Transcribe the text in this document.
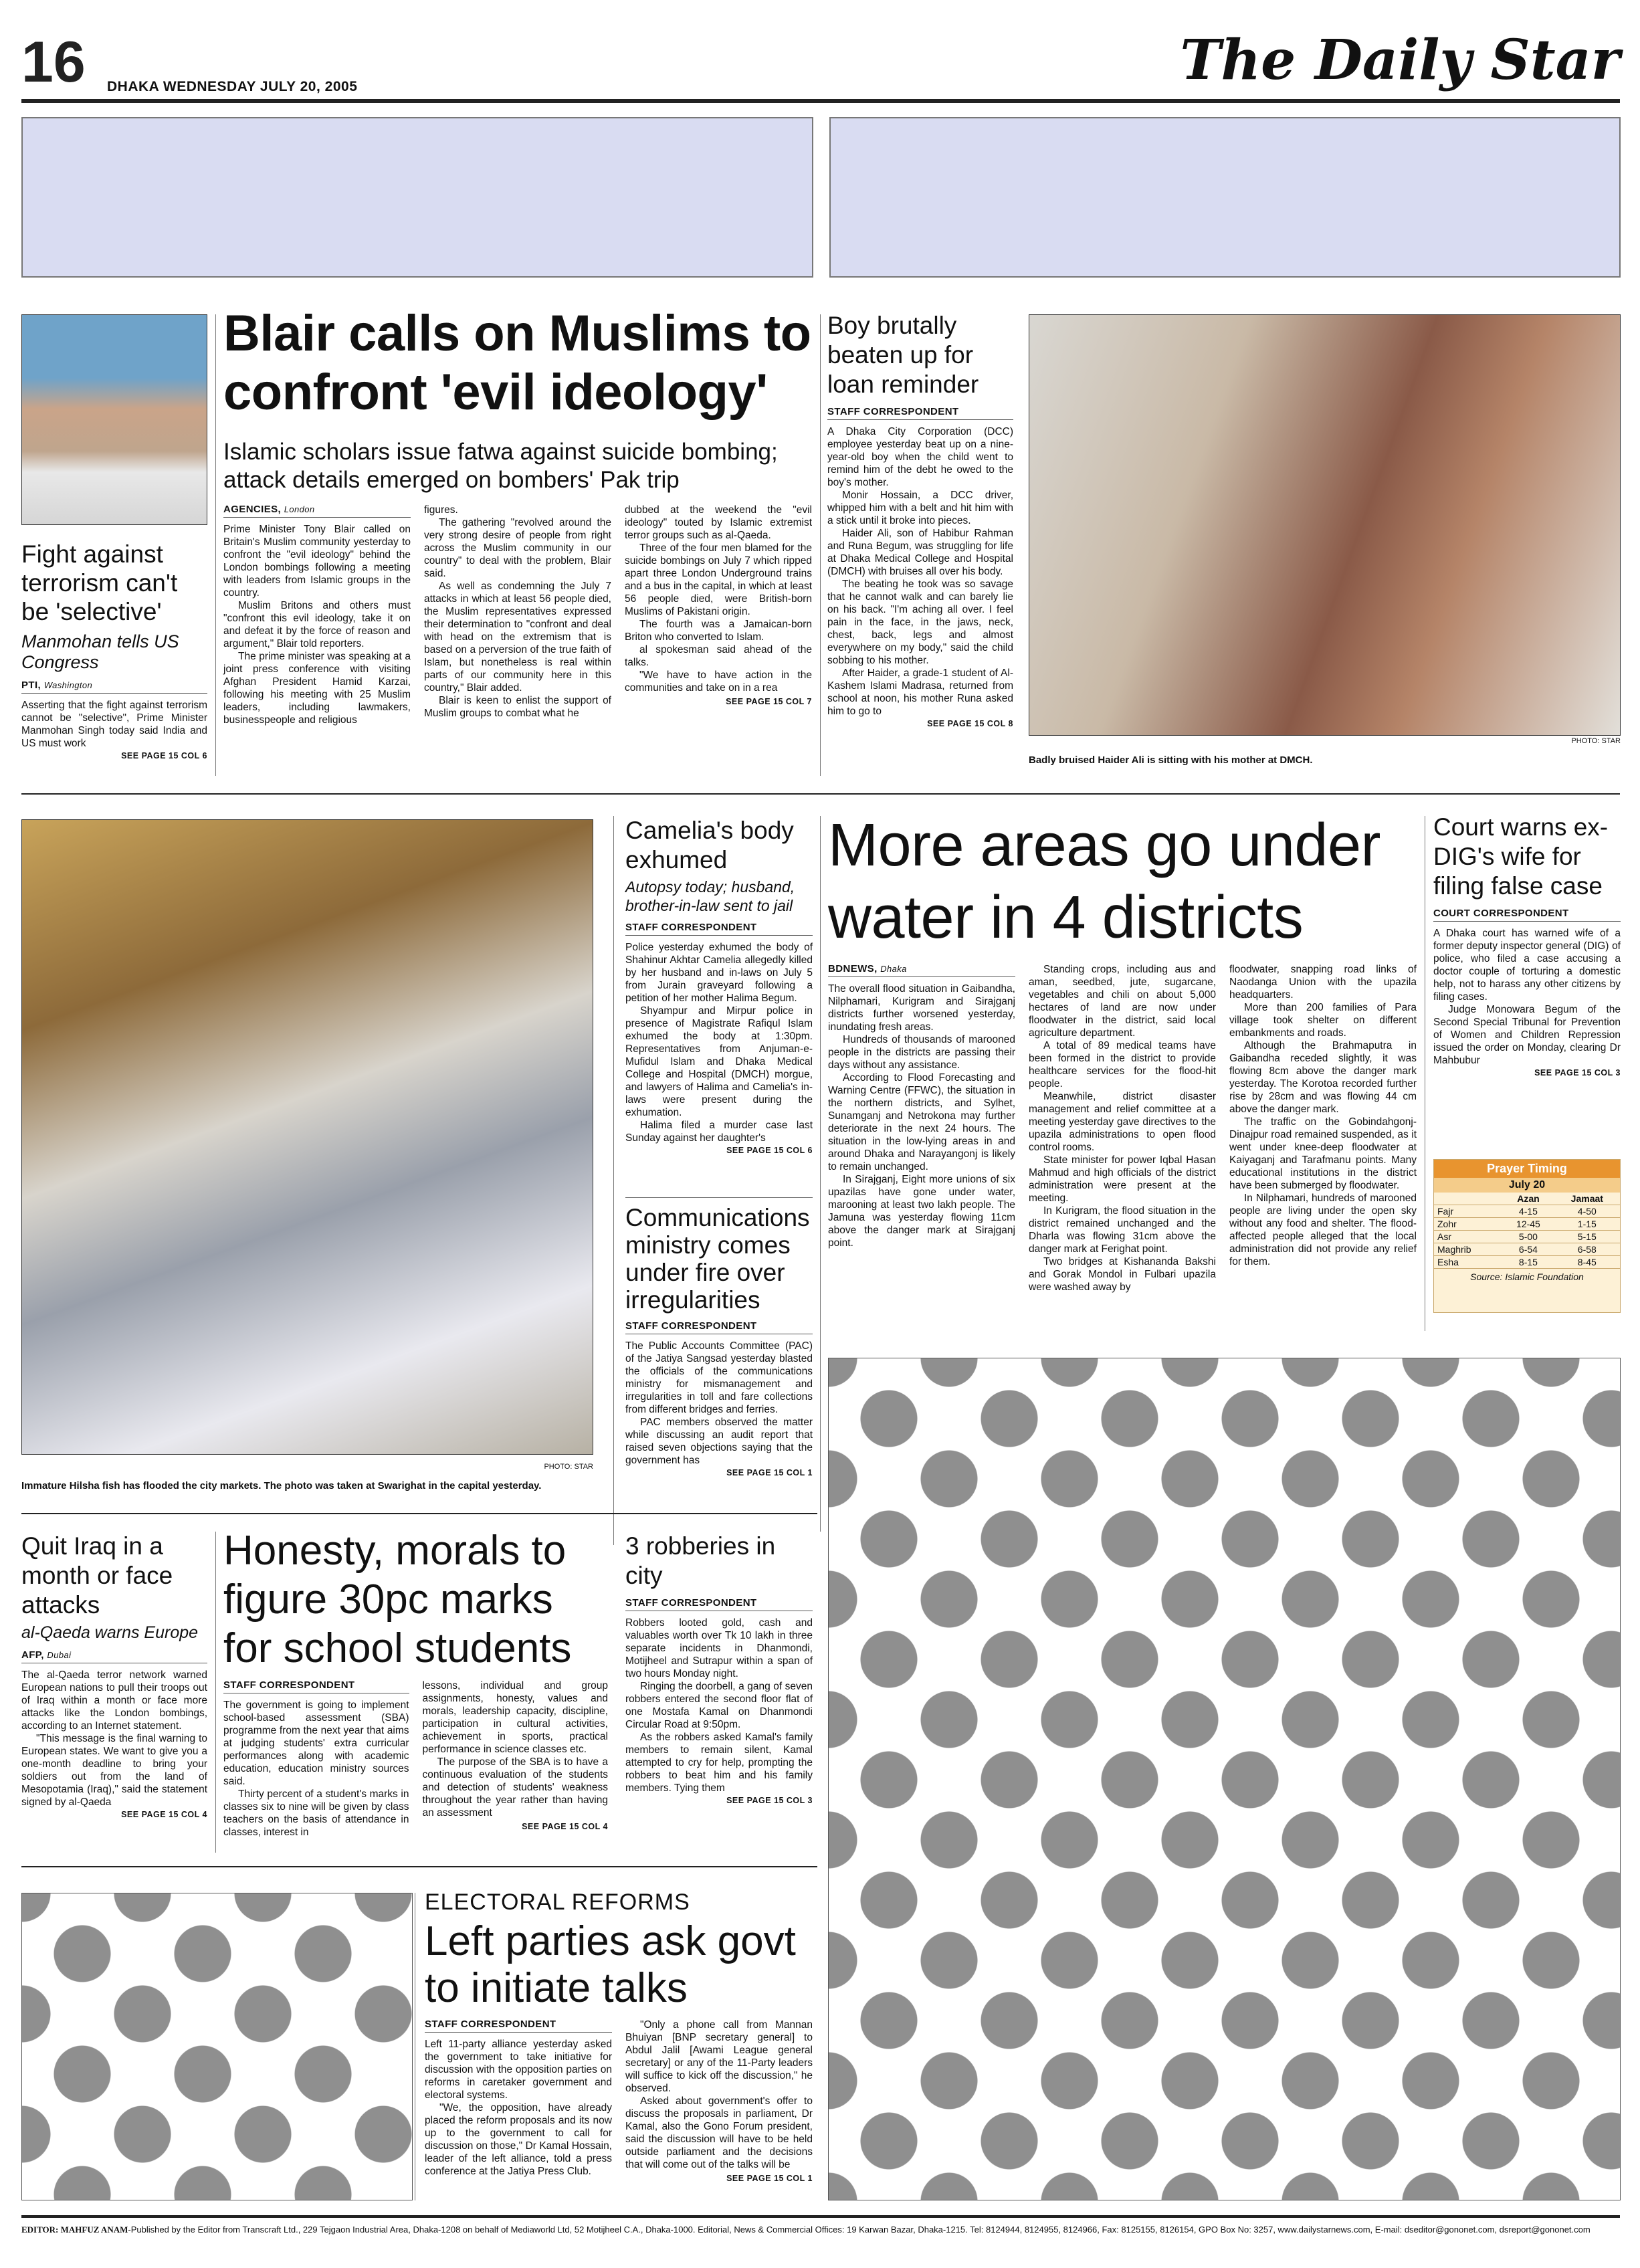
16 DHAKA WEDNESDAY JULY 20, 2005	The Daily Star
Fight against terrorism can't be 'selective'
Manmohan tells US Congress
PTI, Washington
Asserting that the fight against terrorism cannot be "selective", Prime Minister Manmohan Singh today said India and US must work
SEE PAGE 15 COL 6
Blair calls on Muslims to confront 'evil ideology'
Islamic scholars issue fatwa against suicide bombing; attack details emerged on bombers' Pak trip
AGENCIES, London

Prime Minister Tony Blair called on Britain's Muslim community yesterday to confront the "evil ideology" behind the London bombings following a meeting with leaders from Islamic groups in the country.

Muslim Britons and others must "confront this evil ideology, take it on and defeat it by the force of reason and argument," Blair told reporters.

The prime minister was speaking at a joint press conference with visiting Afghan President Hamid Karzai, following his meeting with 25 Muslim leaders, including lawmakers, businesspeople and religious

figures.

The gathering "revolved around the very strong desire of people from right across the Muslim community in our country" to deal with the problem, Blair said.

As well as condemning the July 7 attacks in which at least 56 people died, the Muslim representatives expressed their determination to "confront and deal with head on the extremism that is based on a perversion of the true faith of Islam, but nonetheless is real within parts of our community here in this country," Blair added.

Blair is keen to enlist the support of Muslim groups to combat what he

dubbed at the weekend the "evil ideology" touted by Islamic extremist terror groups such as al-Qaeda.

Three of the four men blamed for the suicide bombings on July 7 which ripped apart three London Underground trains and a bus in the capital, in which at least 56 people died, were British-born Muslims of Pakistani origin.

The fourth was a Jamaican-born Briton who converted to Islam.

al spokesman said ahead of the talks.

"We have to have action in the communities and take on in a rea

SEE PAGE 15 COL 7
Boy brutally beaten up for loan reminder
STAFF CORRESPONDENT

A Dhaka City Corporation (DCC) employee yesterday beat up on a nine-year-old boy when the child went to remind him of the debt he owed to the boy's mother.

Monir Hossain, a DCC driver, whipped him with a belt and hit him with a stick until it broke into pieces.

Haider Ali, son of Habibur Rahman and Runa Begum, was struggling for life at Dhaka Medical College and Hospital (DMCH) with bruises all over his body.

The beating he took was so savage that he cannot walk and can barely lie on his back. "I'm aching all over. I feel pain in the face, in the jaws, neck, chest, back, legs and almost everywhere on my body," said the child sobbing to his mother.

After Haider, a grade-1 student of Al-Kashem Islami Madrasa, returned from school at noon, his mother Runa asked him to go to

SEE PAGE 15 COL 8
PHOTO: STAR
Badly bruised Haider Ali is sitting with his mother at DMCH.
PHOTO: STAR
Immature Hilsha fish has flooded the city markets. The photo was taken at Swarighat in the capital yesterday.
Camelia's body exhumed
Autopsy today; husband, brother-in-law sent to jail
STAFF CORRESPONDENT

Police yesterday exhumed the body of Shahinur Akhtar Camelia allegedly killed by her husband and in-laws on July 5 from Jurain graveyard following a petition of her mother Halima Begum.

Shyampur and Mirpur police in presence of Magistrate Rafiqul Islam exhumed the body at 1:30pm. Representatives from Anjuman-e-Mufidul Islam and Dhaka Medical College and Hospital (DMCH) morgue, and lawyers of Halima and Camelia's in-laws were present during the exhumation.

Halima filed a murder case last Sunday against her daughter's

SEE PAGE 15 COL 6
Communications ministry comes under fire over irregularities
STAFF CORRESPONDENT

The Public Accounts Committee (PAC) of the Jatiya Sangsad yesterday blasted the officials of the communications ministry for mismanagement and irregularities in toll and fare collections from different bridges and ferries.

PAC members observed the matter while discussing an audit report that raised seven objections saying that the government has

SEE PAGE 15 COL 1
More areas go under water in 4 districts
BDNEWS, Dhaka

The overall flood situation in Gaibandha, Nilphamari, Kurigram and Sirajganj districts further worsened yesterday, inundating fresh areas.

Hundreds of thousands of marooned people in the districts are passing their days without any assistance.

According to Flood Forecasting and Warning Centre (FFWC), the situation in the northern districts, and Sylhet, Sunamganj and Netrokona may further deteriorate in the next 24 hours. The situation in the low-lying areas in and around Dhaka and Narayangonj is likely to remain unchanged.

In Sirajganj, Eight more unions of six upazilas have gone under water, marooning at least two lakh people. The Jamuna was yesterday flowing 11cm above the danger mark at Sirajganj point.

Standing crops, including aus and aman, seedbed, jute, sugarcane, vegetables and chili on about 5,000 hectares of land are now under floodwater in the district, said local agriculture department.

A total of 89 medical teams have been formed in the district to provide healthcare services for the flood-hit people.

Meanwhile, district disaster management and relief committee at a meeting yesterday gave directives to the upazila administrations to open flood control rooms.

State minister for power Iqbal Hasan Mahmud and high officials of the district administration were present at the meeting.

In Kurigram, the flood situation in the district remained unchanged and the Dharla was flowing 31cm above the danger mark at Ferighat point.

Two bridges at Kishananda Bakshi and Gorak Mondol in Fulbari upazila were washed away by

floodwater, snapping road links of Naodanga Union with the upazila headquarters.

More than 200 families of Para village took shelter on different embankments and roads.

Although the Brahmaputra in Gaibandha receded slightly, it was flowing 8cm above the danger mark yesterday. The Korotoa recorded further rise by 28cm and was flowing 44 cm above the danger mark.

The traffic on the Gobindahgonj-Dinajpur road remained suspended, as it went under knee-deep floodwater at Kaiyaganj and Tarafmanu points. Many educational institutions in the district have been submerged by floodwater.

In Nilphamari, hundreds of marooned people are living under the open sky without any food and shelter. The flood-affected people alleged that the local administration did not provide any relief for them.

Court warns ex-DIG's wife for filing false case
COURT CORRESPONDENT

A Dhaka court has warned wife of a former deputy inspector general (DIG) of police, who filed a case accusing a doctor couple of torturing a domestic help, not to harass any other citizens by filing cases.

Judge Monowara Begum of the Second Special Tribunal for Prevention of Women and Children Repression issued the order on Monday, clearing Dr Mahbubur

SEE PAGE 15 COL 3
Prayer Timing
July 20
	Azan	Jamaat
Fajr	4-15	4-50
Zohr	12-45	1-15
Asr	5-00	5-15
Maghrib	6-54	6-58
Esha	8-15	8-45
Source: Islamic Foundation
Quit Iraq in a month or face attacks
al-Qaeda warns Europe
AFP, Dubai

The al-Qaeda terror network warned European nations to pull their troops out of Iraq within a month or face more attacks like the London bombings, according to an Internet statement.

"This message is the final warning to European states. We want to give you a one-month deadline to bring your soldiers out from the land of Mesopotamia (Iraq)," said the statement signed by al-Qaeda

SEE PAGE 15 COL 4
Honesty, morals to figure 30pc marks for school students
STAFF CORRESPONDENT

The government is going to implement school-based assessment (SBA) programme from the next year that aims at judging students' extra curricular performances along with academic education, education ministry sources said.

Thirty percent of a student's marks in classes six to nine will be given by class teachers on the basis of attendance in classes, interest in

lessons, individual and group assignments, honesty, values and morals, leadership capacity, discipline, participation in cultural activities, achievement in sports, practical performance in science classes etc.

The purpose of the SBA is to have a continuous evaluation of the students and detection of students' weakness throughout the year rather than having an assessment

SEE PAGE 15 COL 4
3 robberies in city
STAFF CORRESPONDENT

Robbers looted gold, cash and valuables worth over Tk 10 lakh in three separate incidents in Dhanmondi, Motijheel and Sutrapur within a span of two hours Monday night.

Ringing the doorbell, a gang of seven robbers entered the second floor flat of one Mostafa Kamal on Dhanmondi Circular Road at 9:50pm.

As the robbers asked Kamal's family members to remain silent, Kamal attempted to cry for help, prompting the robbers to beat him and his family members. Tying them

SEE PAGE 15 COL 3
ELECTORAL REFORMS
Left parties ask govt to initiate talks
STAFF CORRESPONDENT

Left 11-party alliance yesterday asked the government to take initiative for discussion with the opposition parties on reforms in caretaker government and electoral systems.

"We, the opposition, have already placed the reform proposals and its now up to the government to call for discussion on those," Dr Kamal Hossain, leader of the left alliance, told a press conference at the Jatiya Press Club.

"Only a phone call from Mannan Bhuiyan [BNP secretary general] to Abdul Jalil [Awami League general secretary] or any of the 11-Party leaders will suffice to kick off the discussion," he observed.

Asked about government's offer to discuss the proposals in parliament, Dr Kamal, also the Gono Forum president, said the discussion will have to be held outside parliament and the decisions that will come out of the talks will be

SEE PAGE 15 COL 1
EDITOR: MAHFUZ ANAM-Published by the Editor from Transcraft Ltd., 229 Tejgaon Industrial Area, Dhaka-1208 on behalf of Mediaworld Ltd, 52 Motijheel C.A., Dhaka-1000. Editorial, News & Commercial Offices: 19 Karwan Bazar, Dhaka-1215. Tel: 8124944, 8124955, 8124966, Fax: 8125155, 8126154, GPO Box No: 3257, www.dailystarnews.com, E-mail: dseditor@gononet.com, dsreport@gononet.com
